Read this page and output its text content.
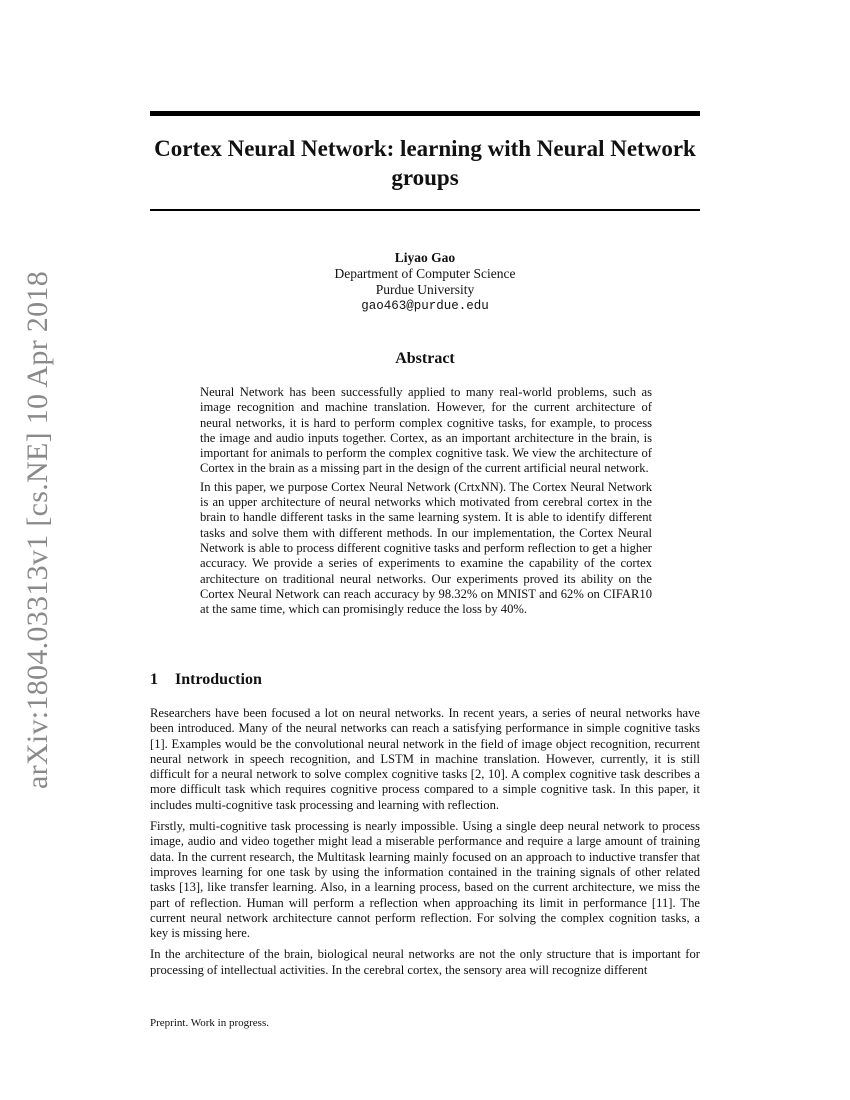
arXiv:1804.03313v1 [cs.NE] 10 Apr 2018
Cortex Neural Network: learning with Neural Network groups
Liyao Gao
Department of Computer Science
Purdue University
gao463@purdue.edu
Abstract

Neural Network has been successfully applied to many real-world problems, such as image recognition and machine translation. However, for the current architecture of neural networks, it is hard to perform complex cognitive tasks, for example, to process the image and audio inputs together. Cortex, as an important architecture in the brain, is important for animals to perform the complex cognitive task. We view the architecture of Cortex in the brain as a missing part in the design of the current artificial neural network.

In this paper, we purpose Cortex Neural Network (CrtxNN). The Cortex Neural Network is an upper architecture of neural networks which motivated from cerebral cortex in the brain to handle different tasks in the same learning system. It is able to identify different tasks and solve them with different methods. In our implementation, the Cortex Neural Network is able to process different cognitive tasks and perform reflection to get a higher accuracy. We provide a series of experiments to examine the capability of the cortex architecture on traditional neural networks. Our experiments proved its ability on the Cortex Neural Network can reach accuracy by 98.32% on MNIST and 62% on CIFAR10 at the same time, which can promisingly reduce the loss by 40%.

1 Introduction

Researchers have been focused a lot on neural networks. In recent years, a series of neural networks have been introduced. Many of the neural networks can reach a satisfying performance in simple cognitive tasks [1]. Examples would be the convolutional neural network in the field of image object recognition, recurrent neural network in speech recognition, and LSTM in machine translation. However, currently, it is still difficult for a neural network to solve complex cognitive tasks [2, 10]. A complex cognitive task describes a more difficult task which requires cognitive process compared to a simple cognitive task. In this paper, it includes multi-cognitive task processing and learning with reflection.

Firstly, multi-cognitive task processing is nearly impossible. Using a single deep neural network to process image, audio and video together might lead a miserable performance and require a large amount of training data. In the current research, the Multitask learning mainly focused on an approach to inductive transfer that improves learning for one task by using the information contained in the training signals of other related tasks [13], like transfer learning. Also, in a learning process, based on the current architecture, we miss the part of reflection. Human will perform a reflection when approaching its limit in performance [11]. The current neural network architecture cannot perform reflection. For solving the complex cognition tasks, a key is missing here.

In the architecture of the brain, biological neural networks are not the only structure that is important for processing of intellectual activities. In the cerebral cortex, the sensory area will recognize different

Preprint. Work in progress.
